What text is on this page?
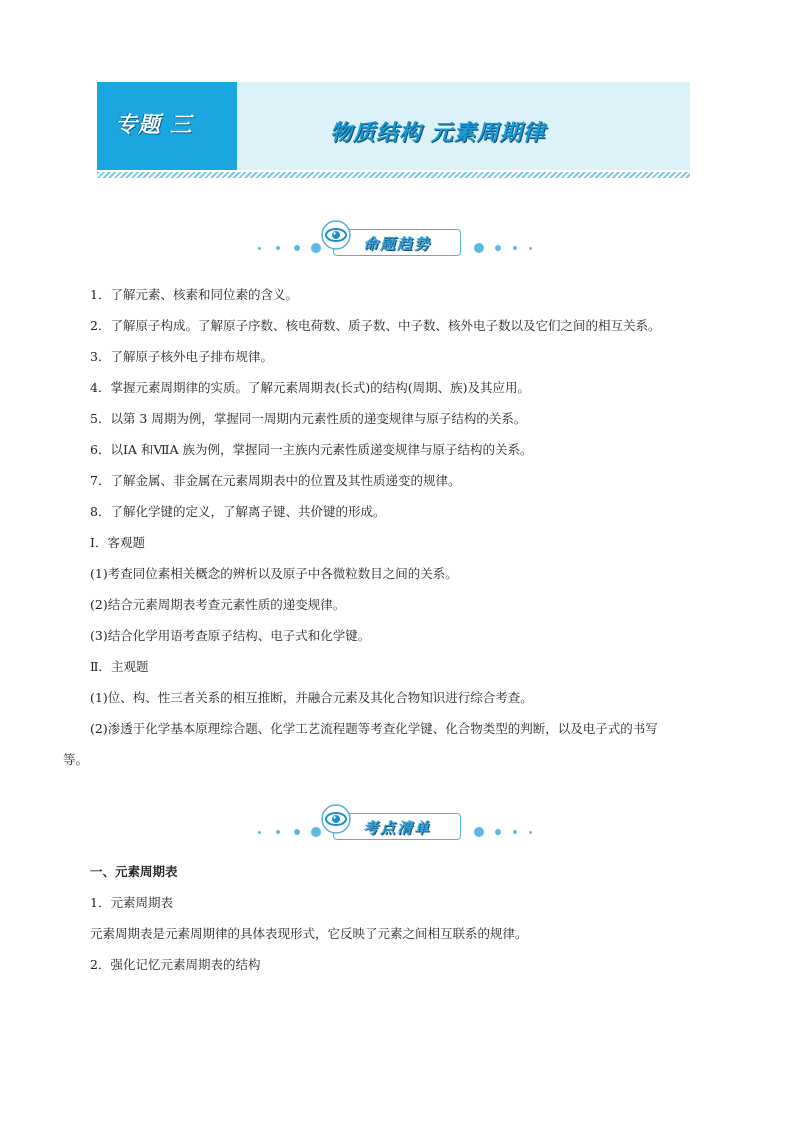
专题 三	物质结构 元素周期律
命题趋势
1．了解元素、核素和同位素的含义。
2．了解原子构成。了解原子序数、核电荷数、质子数、中子数、核外电子数以及它们之间的相互关系。
3．了解原子核外电子排布规律。
4．掌握元素周期律的实质。了解元素周期表(长式)的结构(周期、族)及其应用。
5．以第 3 周期为例，掌握同一周期内元素性质的递变规律与原子结构的关系。
6．以ⅠA 和ⅦA 族为例，掌握同一主族内元素性质递变规律与原子结构的关系。
7．了解金属、非金属在元素周期表中的位置及其性质递变的规律。
8．了解化学键的定义，了解离子键、共价键的形成。
Ⅰ．客观题
(1)考查同位素相关概念的辨析以及原子中各微粒数目之间的关系。
(2)结合元素周期表考查元素性质的递变规律。
(3)结合化学用语考查原子结构、电子式和化学键。
Ⅱ．主观题
(1)位、构、性三者关系的相互推断，并融合元素及其化合物知识进行综合考查。
(2)渗透于化学基本原理综合题、化学工艺流程题等考查化学键、化合物类型的判断，以及电子式的书写
等。
考点清单
一、元素周期表
1．元素周期表
元素周期表是元素周期律的具体表现形式，它反映了元素之间相互联系的规律。
2．强化记忆元素周期表的结构
